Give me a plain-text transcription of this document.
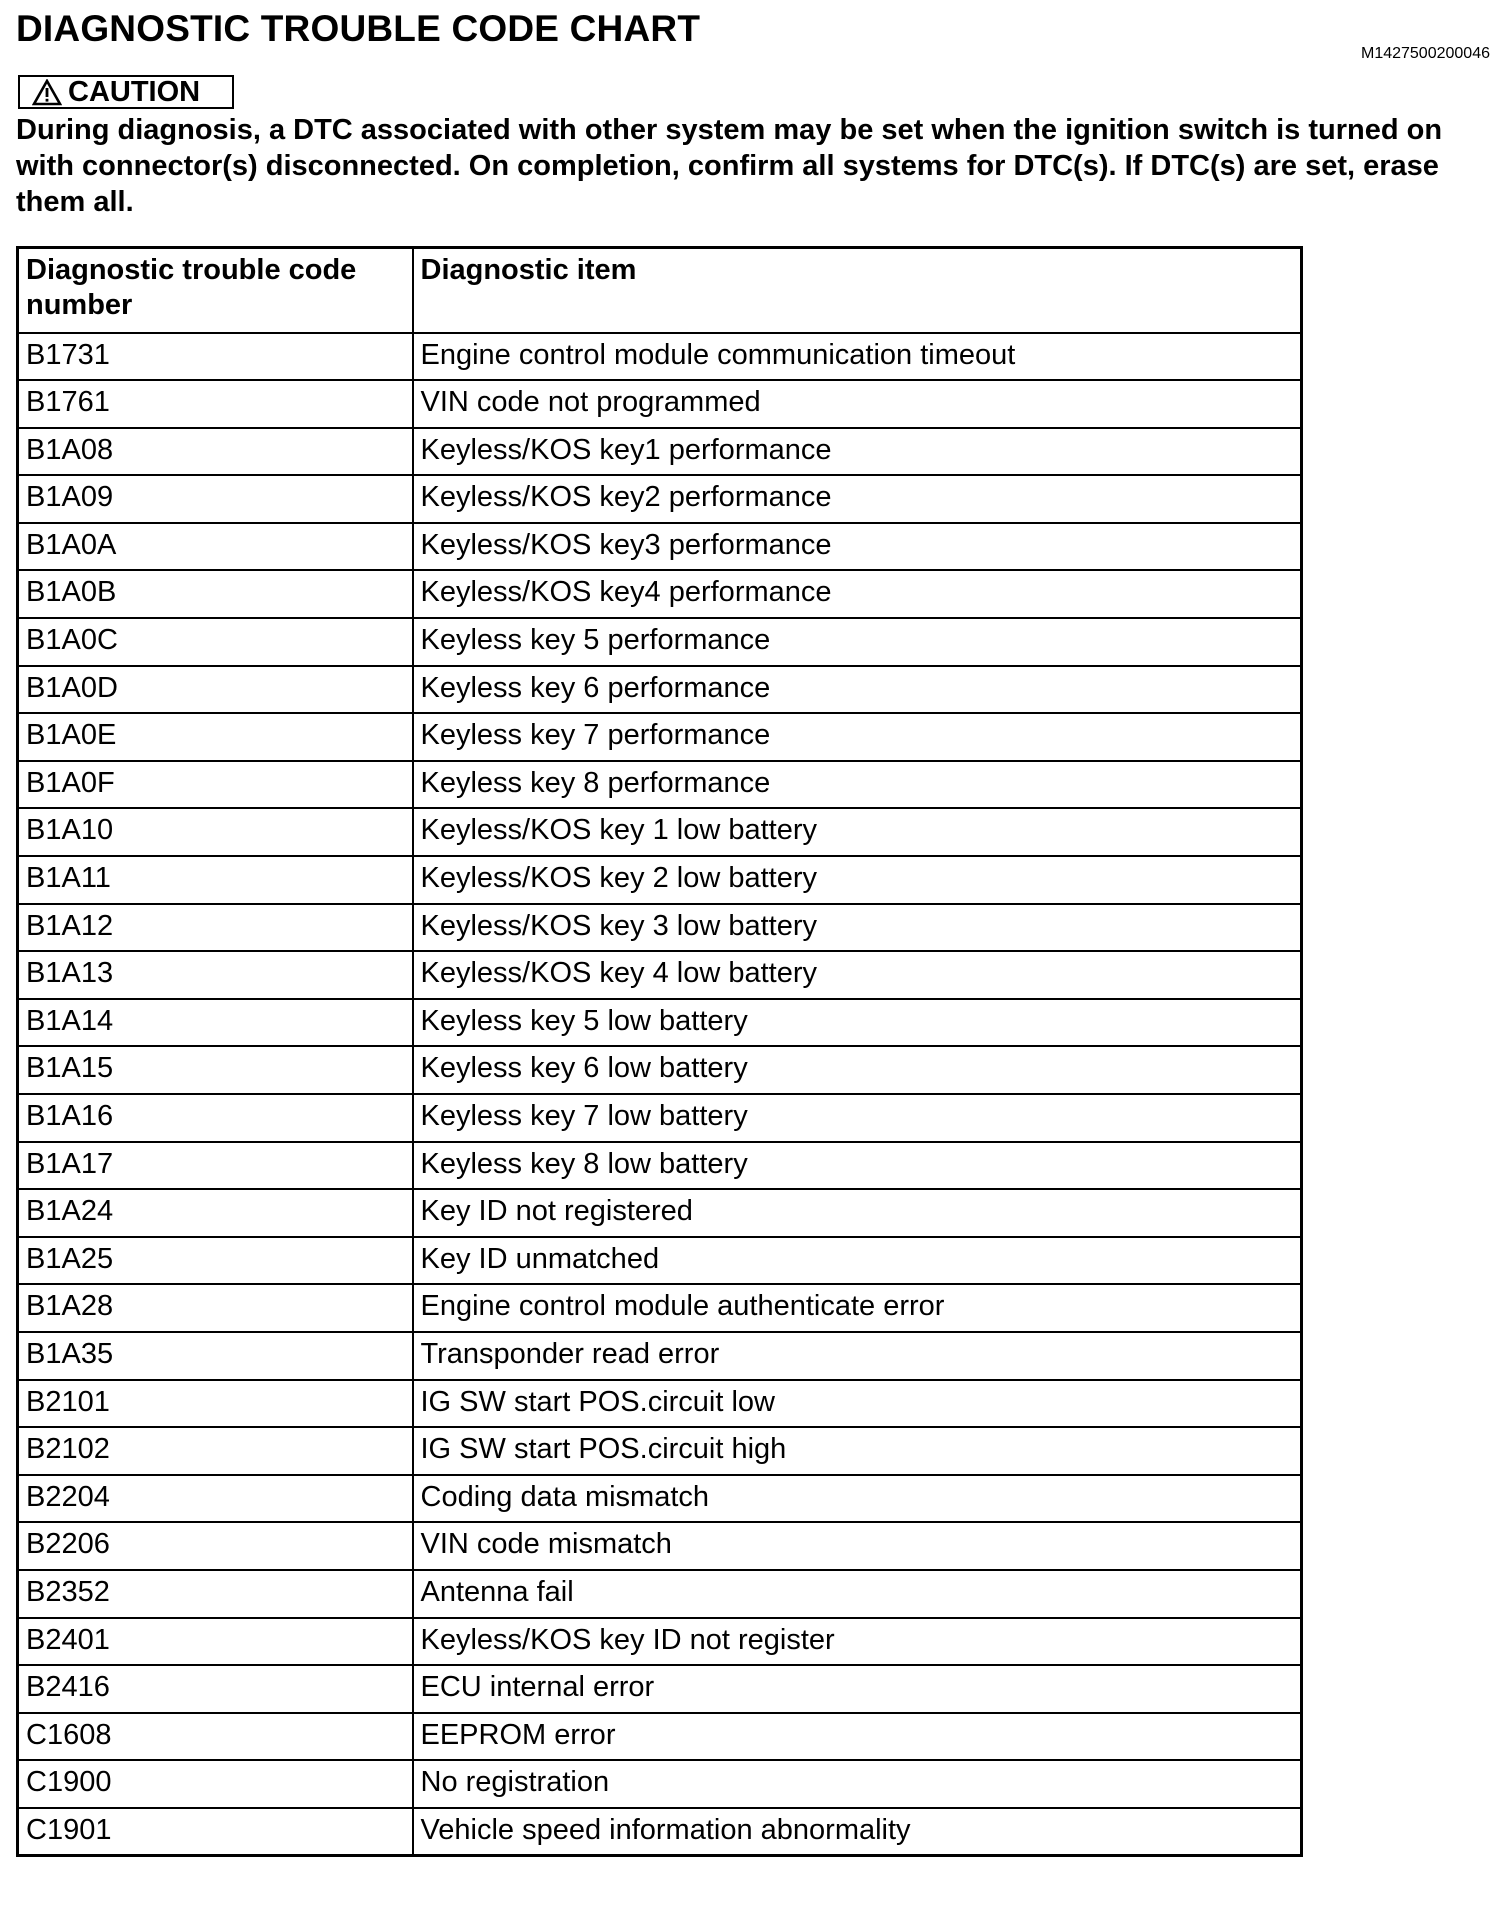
DIAGNOSTIC TROUBLE CODE CHART
M1427500200046
CAUTION

During diagnosis, a DTC associated with other system may be set when the ignition switch is turned on with connector(s) disconnected. On completion, confirm all systems for DTC(s). If DTC(s) are set, erase them all.

Diagnostic trouble code number	Diagnostic item
B1731	Engine control module communication timeout
B1761	VIN code not programmed
B1A08	Keyless/KOS key1 performance
B1A09	Keyless/KOS key2 performance
B1A0A	Keyless/KOS key3 performance
B1A0B	Keyless/KOS key4 performance
B1A0C	Keyless key 5 performance
B1A0D	Keyless key 6 performance
B1A0E	Keyless key 7 performance
B1A0F	Keyless key 8 performance
B1A10	Keyless/KOS key 1 low battery
B1A11	Keyless/KOS key 2 low battery
B1A12	Keyless/KOS key 3 low battery
B1A13	Keyless/KOS key 4 low battery
B1A14	Keyless key 5 low battery
B1A15	Keyless key 6 low battery
B1A16	Keyless key 7 low battery
B1A17	Keyless key 8 low battery
B1A24	Key ID not registered
B1A25	Key ID unmatched
B1A28	Engine control module authenticate error
B1A35	Transponder read error
B2101	IG SW start POS.circuit low
B2102	IG SW start POS.circuit high
B2204	Coding data mismatch
B2206	VIN code mismatch
B2352	Antenna fail
B2401	Keyless/KOS key ID not register
B2416	ECU internal error
C1608	EEPROM error
C1900	No registration
C1901	Vehicle speed information abnormality
